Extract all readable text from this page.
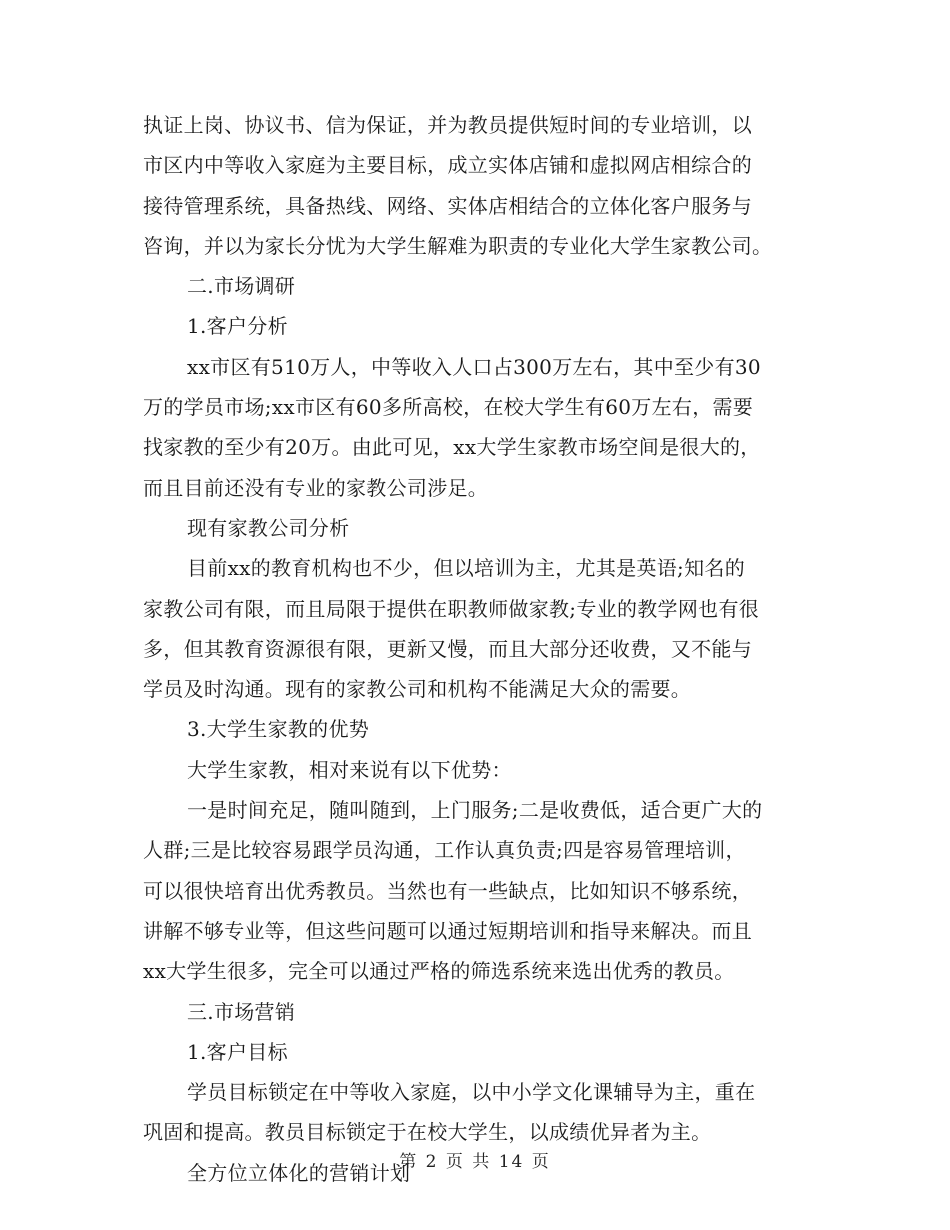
执证上岗、协议书、信为保证，并为教员提供短时间的专业培训，以
市区内中等收入家庭为主要目标，成立实体店铺和虚拟网店相综合的
接待管理系统，具备热线、网络、实体店相结合的立体化客户服务与
咨询，并以为家长分忧为大学生解难为职责的专业化大学生家教公司。
二.市场调研
1.客户分析
xx市区有510万人，中等收入人口占300万左右，其中至少有30
万的学员市场;xx市区有60多所高校，在校大学生有60万左右，需要
找家教的至少有20万。由此可见，xx大学生家教市场空间是很大的，
而且目前还没有专业的家教公司涉足。
现有家教公司分析
目前xx的教育机构也不少，但以培训为主，尤其是英语;知名的
家教公司有限，而且局限于提供在职教师做家教;专业的教学网也有很
多，但其教育资源很有限，更新又慢，而且大部分还收费，又不能与
学员及时沟通。现有的家教公司和机构不能满足大众的需要。
3.大学生家教的优势
大学生家教，相对来说有以下优势：
一是时间充足，随叫随到，上门服务;二是收费低，适合更广大的
人群;三是比较容易跟学员沟通，工作认真负责;四是容易管理培训，
可以很快培育出优秀教员。当然也有一些缺点，比如知识不够系统，
讲解不够专业等，但这些问题可以通过短期培训和指导来解决。而且
xx大学生很多，完全可以通过严格的筛选系统来选出优秀的教员。
三.市场营销
1.客户目标
学员目标锁定在中等收入家庭，以中小学文化课辅导为主，重在
巩固和提高。教员目标锁定于在校大学生，以成绩优异者为主。
全方位立体化的营销计划
第 2 页 共 14 页
